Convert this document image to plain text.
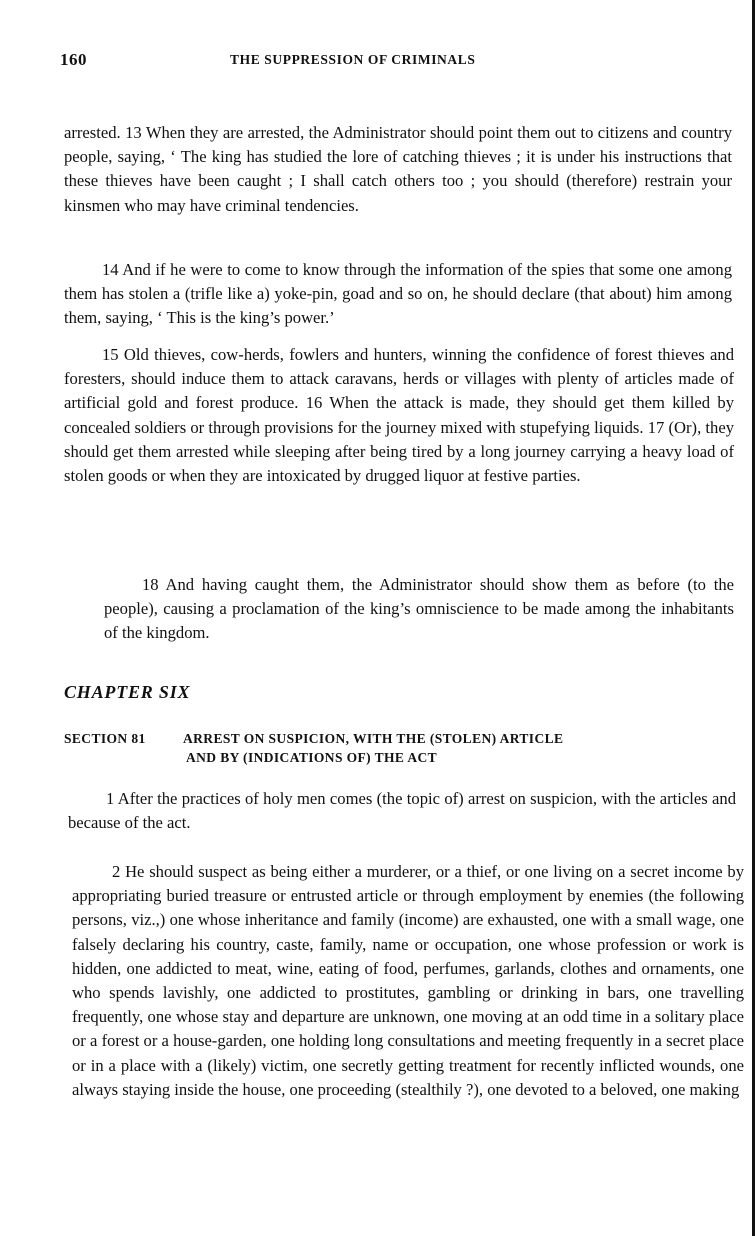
160	THE SUPPRESSION OF CRIMINALS

arrested. 13 When they are arrested, the Administrator should point them out to citizens and country people, saying, ‘ The king has studied the lore of catching thieves ; it is under his instructions that these thieves have been caught ; I shall catch others too ; you should (therefore) restrain your kinsmen who may have criminal tendencies.

14 And if he were to come to know through the information of the spies that some one among them has stolen a (trifle like a) yoke-pin, goad and so on, he should declare (that about) him among them, saying, ‘ This is the king’s power.’

15 Old thieves, cow-herds, fowlers and hunters, winning the confidence of forest thieves and foresters, should induce them to attack caravans, herds or villages with plenty of articles made of artificial gold and forest produce. 16 When the attack is made, they should get them killed by concealed soldiers or through provisions for the journey mixed with stupefying liquids. 17 (Or), they should get them arrested while sleeping after being tired by a long journey carrying a heavy load of stolen goods or when they are intoxicated by drugged liquor at festive parties.

18 And having caught them, the Administrator should show them as before (to the people), causing a proclamation of the king’s omniscience to be made among the inhabitants of the kingdom.

CHAPTER SIX
SECTION 81	ARREST ON SUSPICION, WITH THE (STOLEN) ARTICLE
AND BY (INDICATIONS OF) THE ACT

1 After the practices of holy men comes (the topic of) arrest on suspicion, with the articles and because of the act.

2 He should suspect as being either a murderer, or a thief, or one living on a secret income by appropriating buried treasure or entrusted article or through employment by enemies (the following persons, viz.,) one whose inheritance and family (income) are exhausted, one with a small wage, one falsely declaring his country, caste, family, name or occupation, one whose profession or work is hidden, one addicted to meat, wine, eating of food, perfumes, garlands, clothes and ornaments, one who spends lavishly, one addicted to prostitutes, gambling or drinking in bars, one travelling frequently, one whose stay and departure are unknown, one moving at an odd time in a solitary place or a forest or a house-garden, one holding long consultations and meeting frequently in a secret place or in a place with a (likely) victim, one secretly getting treatment for recently inflicted wounds, one always staying inside the house, one proceeding (stealthily ?), one devoted to a beloved, one making
